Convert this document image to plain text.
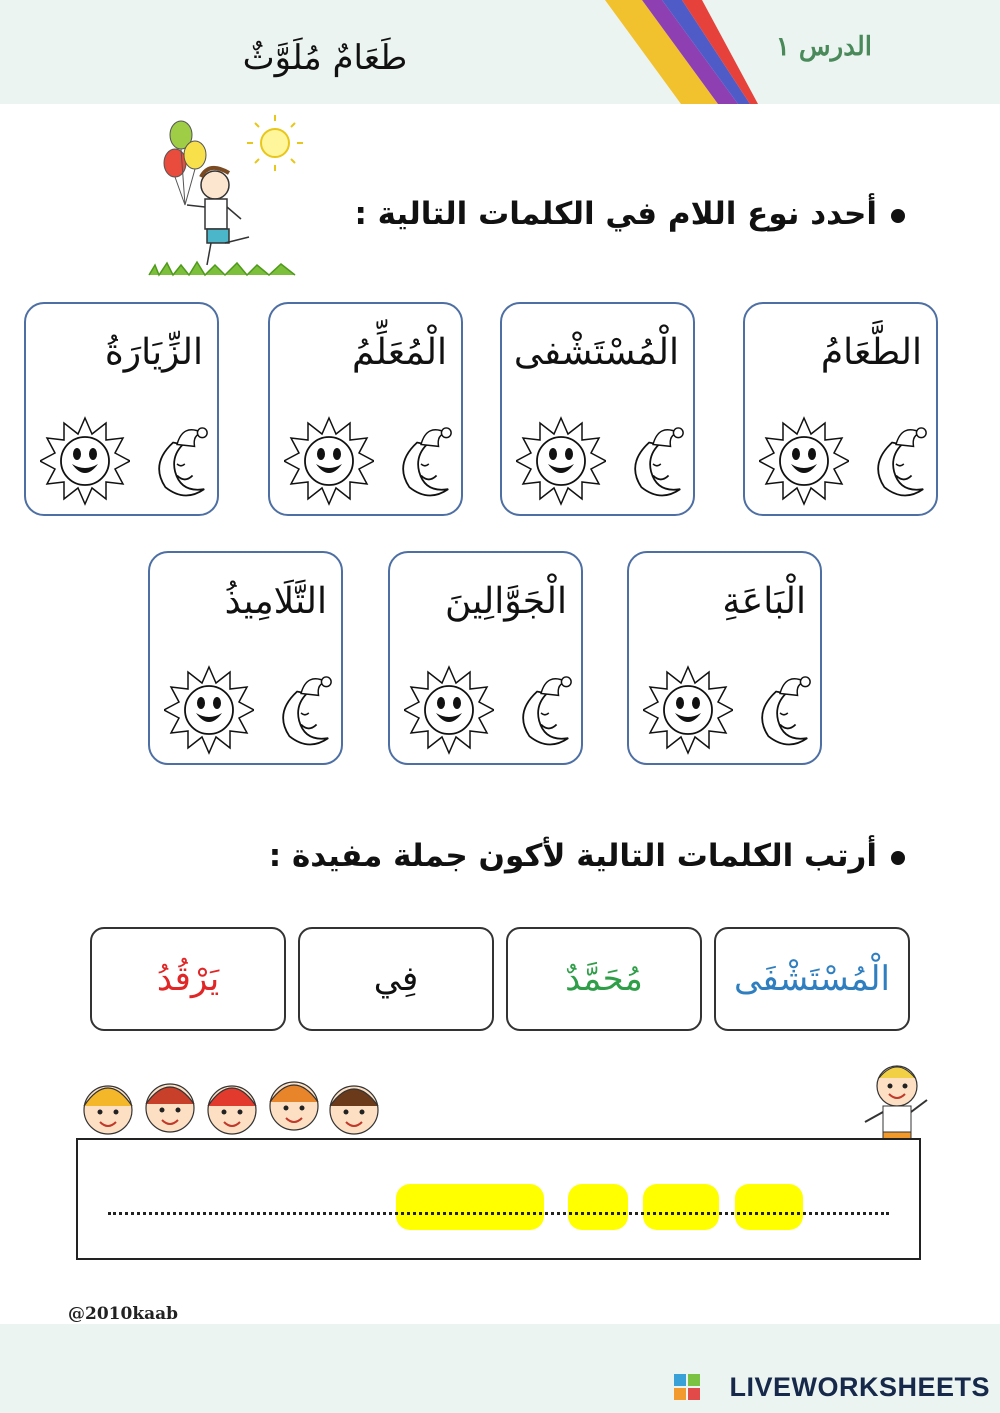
الدرس ١
طَعَامٌ مُلَوَّثٌ
أحدد نوع اللام في الكلمات التالية :
الطَّعَامُ
الْمُسْتَشْفى
الْمُعَلِّمُ
الزِّيَارَةُ
الْبَاعَةِ
الْجَوَّالِينَ
التَّلَامِيذُ
أرتب الكلمات التالية لأكون جملة مفيدة :
الْمُسْتَشْفَى
مُحَمَّدٌ
فِي
يَرْقُدُ
@2010kaab
LIVEWORKSHEETS
